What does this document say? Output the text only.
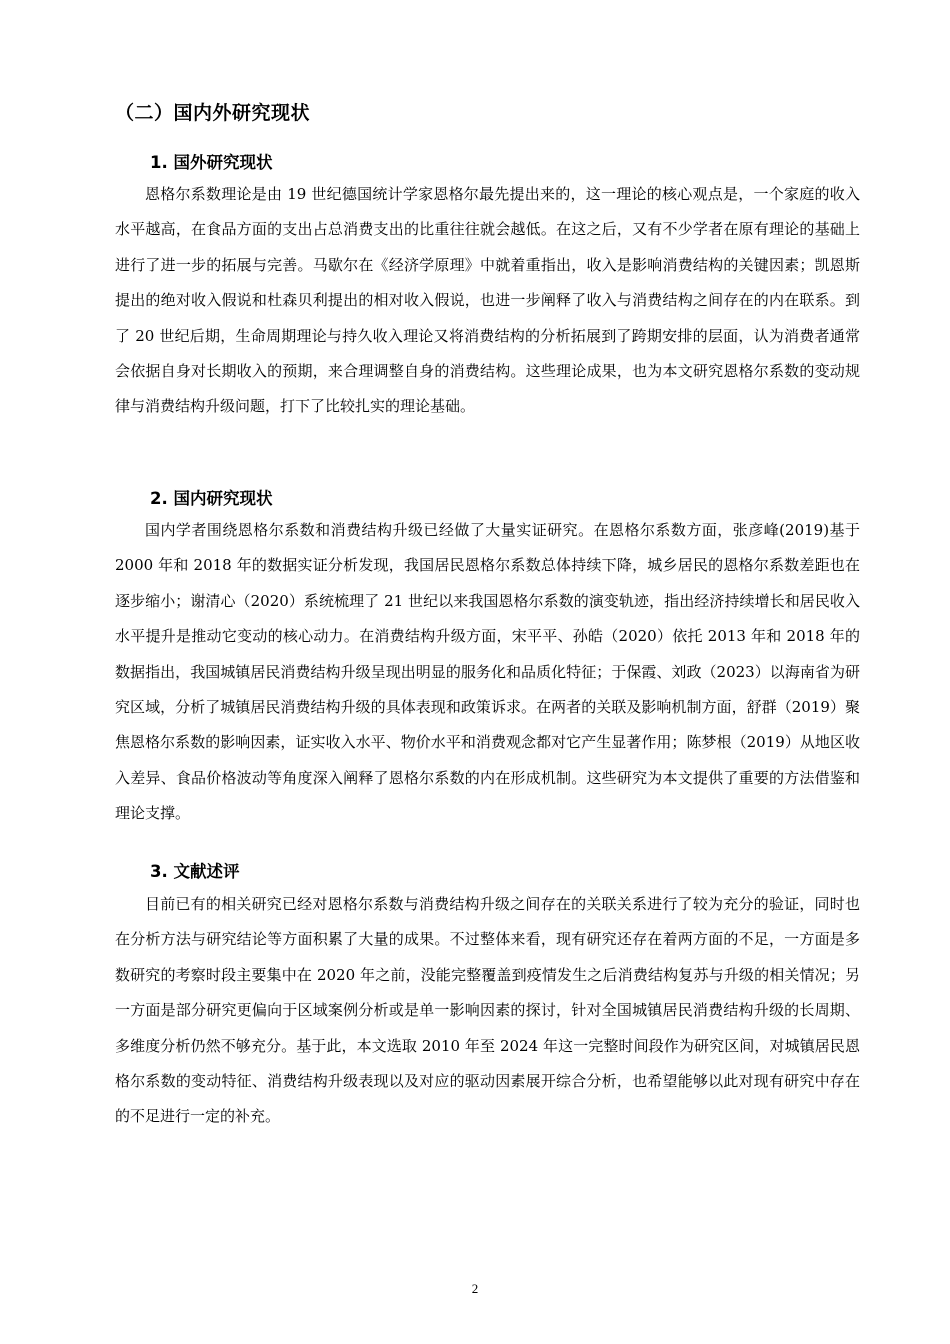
（二）国内外研究现状
1. 国外研究现状

恩格尔系数理论是由 19 世纪德国统计学家恩格尔最先提出来的，这一理论的核心观点是，一个家庭的收入水平越高，在食品方面的支出占总消费支出的比重往往就会越低。在这之后，又有不少学者在原有理论的基础上进行了进一步的拓展与完善。马歇尔在《经济学原理》中就着重指出，收入是影响消费结构的关键因素；凯恩斯提出的绝对收入假说和杜森贝利提出的相对收入假说，也进一步阐释了收入与消费结构之间存在的内在联系。到了 20 世纪后期，生命周期理论与持久收入理论又将消费结构的分析拓展到了跨期安排的层面，认为消费者通常会依据自身对长期收入的预期，来合理调整自身的消费结构。这些理论成果，也为本文研究恩格尔系数的变动规律与消费结构升级问题，打下了比较扎实的理论基础。

2. 国内研究现状

国内学者围绕恩格尔系数和消费结构升级已经做了大量实证研究。在恩格尔系数方面，张彦峰(2019)基于 2000 年和 2018 年的数据实证分析发现，我国居民恩格尔系数总体持续下降，城乡居民的恩格尔系数差距也在逐步缩小；谢清心（2020）系统梳理了 21 世纪以来我国恩格尔系数的演变轨迹，指出经济持续增长和居民收入水平提升是推动它变动的核心动力。在消费结构升级方面，宋平平、孙皓（2020）依托 2013 年和 2018 年的数据指出，我国城镇居民消费结构升级呈现出明显的服务化和品质化特征；于保霞、刘政（2023）以海南省为研究区域，分析了城镇居民消费结构升级的具体表现和政策诉求。在两者的关联及影响机制方面，舒群（2019）聚焦恩格尔系数的影响因素，证实收入水平、物价水平和消费观念都对它产生显著作用；陈梦根（2019）从地区收入差异、食品价格波动等角度深入阐释了恩格尔系数的内在形成机制。这些研究为本文提供了重要的方法借鉴和理论支撑。

3. 文献述评

目前已有的相关研究已经对恩格尔系数与消费结构升级之间存在的关联关系进行了较为充分的验证，同时也在分析方法与研究结论等方面积累了大量的成果。不过整体来看，现有研究还存在着两方面的不足，一方面是多数研究的考察时段主要集中在 2020 年之前，没能完整覆盖到疫情发生之后消费结构复苏与升级的相关情况；另一方面是部分研究更偏向于区域案例分析或是单一影响因素的探讨，针对全国城镇居民消费结构升级的长周期、多维度分析仍然不够充分。基于此，本文选取 2010 年至 2024 年这一完整时间段作为研究区间，对城镇居民恩格尔系数的变动特征、消费结构升级表现以及对应的驱动因素展开综合分析，也希望能够以此对现有研究中存在的不足进行一定的补充。

2
